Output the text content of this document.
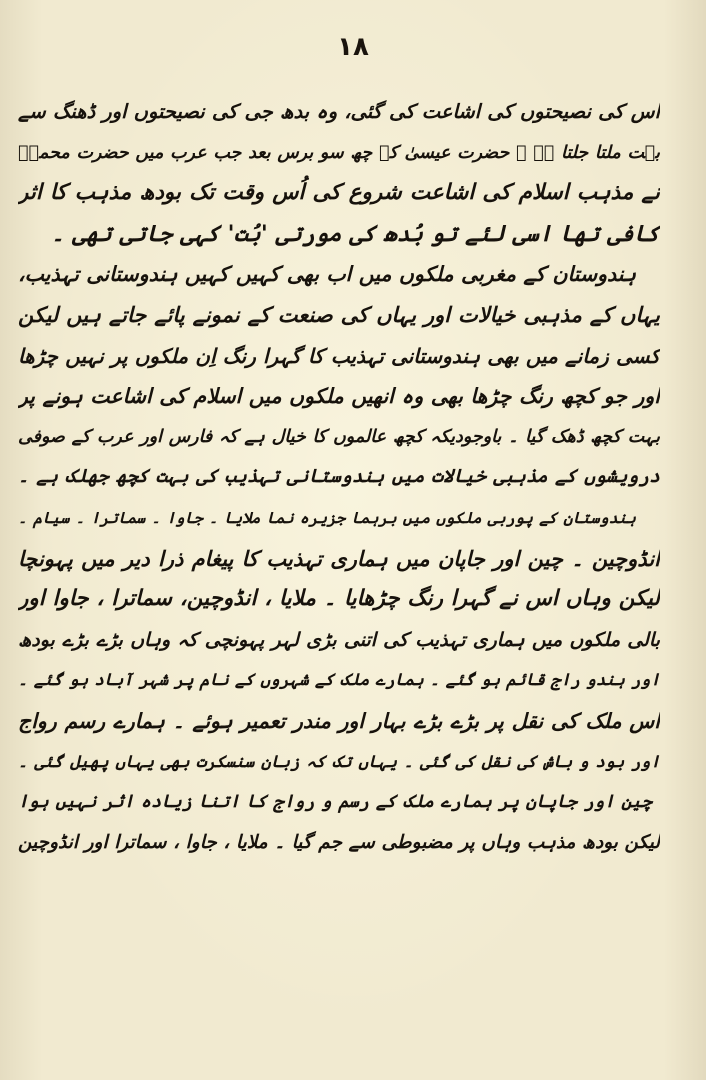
۱۸
اس کی نصیحتوں کی اشاعت کی گئی، وہ بدھ جی کی نصیحتوں اور ڈھنگ سے
بہت ملتا جلتا ہے ۔ حضرت عیسیٰ کے چھ سو برس بعد جب عرب میں حضرت محمدؐ
نے مذہب اسلام کی اشاعت شروع کی اُس وقت تک بودھ مذہب کا اثر
کافی تھا اسی لئے تو بُدھ کی مورتی 'بُت' کہی جاتی تھی ۔
ہندوستان کے مغربی ملکوں میں اب بھی کہیں کہیں ہندوستانی تہذیب،
یہاں کے مذہبی خیالات اور یہاں کی صنعت کے نمونے پائے جاتے ہیں لیکن
کسی زمانے میں بھی ہندوستانی تہذیب کا گہرا رنگ اِن ملکوں پر نہیں چڑھا
اور جو کچھ رنگ چڑھا بھی وہ انھیں ملکوں میں اسلام کی اشاعت ہونے پر
بہت کچھ ڈھک گیا ۔ باوجودیکہ کچھ عالموں کا خیال ہے کہ فارس اور عرب کے صوفی
درویشوں کے مذہبی خیالات میں ہندوستانی تہذیب کی بہت کچھ جھلک ہے ۔
ہندوستان کے پوربی ملکوں میں برہما جزیرہ نما ملایا ۔ جاوا ۔ سماترا ۔ سیام ۔
انڈوچین ۔ چین اور جاپان میں ہماری تہذیب کا پیغام ذرا دیر میں پہونچا
لیکن وہاں اس نے گہرا رنگ چڑھایا ۔ ملایا ، انڈوچین، سماترا ، جاوا اور
بالی ملکوں میں ہماری تہذیب کی اتنی بڑی لہر پہونچی کہ وہاں بڑے بڑے بودھ
اور ہندو راج قائم ہو گئے ۔ ہمارے ملک کے شہروں کے نام پر شہر آباد ہو گئے ۔
اس ملک کی نقل پر بڑے بڑے بہار اور مندر تعمیر ہوئے ۔ ہمارے رسم رواج
اور بود و باش کی نقل کی گئی ۔ یہاں تک کہ زبان سنسکرت بھی یہاں پھیل گئی ۔
چین اور جاپان پر ہمارے ملک کے رسم و رواج کا اتنا زیادہ اثر نہیں ہوا
لیکن بودھ مذہب وہاں پر مضبوطی سے جم گیا ۔ ملایا ، جاوا ، سماترا اور انڈوچین
